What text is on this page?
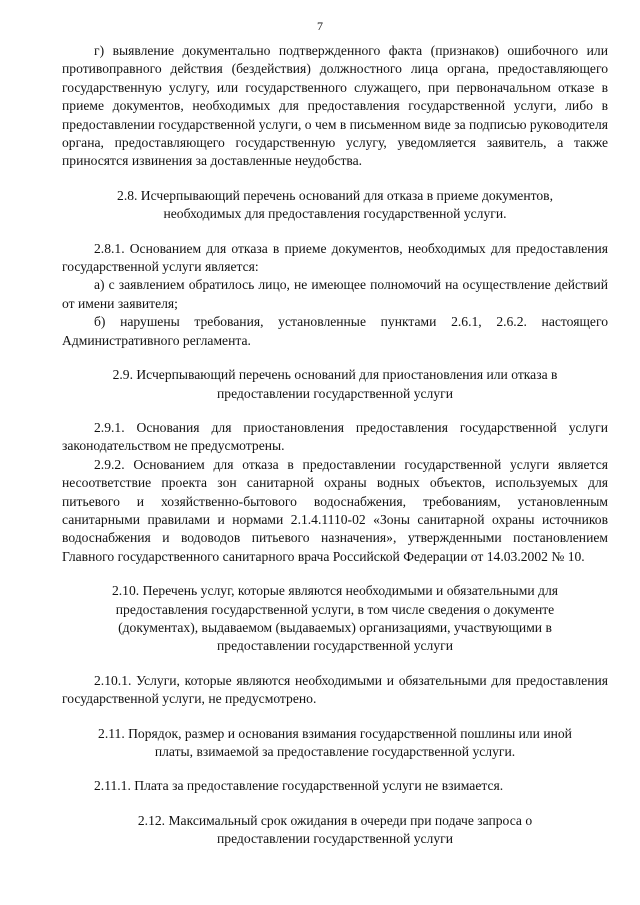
7

г) выявление документально подтвержденного факта (признаков) ошибочного или противоправного действия (бездействия) должностного лица органа, предоставляющего государственную услугу, или государственного служащего, при первоначальном отказе в приеме документов, необходимых для предоставления государственной услуги, либо в предоставлении государственной услуги, о чем в письменном виде за подписью руководителя органа, предоставляющего государственную услугу, уведомляется заявитель, а также приносятся извинения за доставленные неудобства.

2.8. Исчерпывающий перечень оснований для отказа в приеме документов, необходимых для предоставления государственной услуги.

2.8.1. Основанием для отказа в приеме документов, необходимых для предоставления государственной услуги является:

а) с заявлением обратилось лицо, не имеющее полномочий на осуществление действий от имени заявителя;

б) нарушены требования, установленные пунктами 2.6.1, 2.6.2. настоящего Административного регламента.

2.9. Исчерпывающий перечень оснований для приостановления или отказа в предоставлении государственной услуги

2.9.1. Основания для приостановления предоставления государственной услуги законодательством не предусмотрены.

2.9.2. Основанием для отказа в предоставлении государственной услуги является несоответствие проекта зон санитарной охраны водных объектов, используемых для питьевого и хозяйственно-бытового водоснабжения, требованиям, установленным санитарными правилами и нормами 2.1.4.1110-02 «Зоны санитарной охраны источников водоснабжения и водоводов питьевого назначения», утвержденными постановлением Главного государственного санитарного врача Российской Федерации от 14.03.2002 № 10.

2.10. Перечень услуг, которые являются необходимыми и обязательными для предоставления государственной услуги, в том числе сведения о документе (документах), выдаваемом (выдаваемых) организациями, участвующими в предоставлении государственной услуги

2.10.1. Услуги, которые являются необходимыми и обязательными для предоставления государственной услуги, не предусмотрено.

2.11. Порядок, размер и основания взимания государственной пошлины или иной платы, взимаемой за предоставление государственной услуги.

2.11.1. Плата за предоставление государственной услуги не взимается.

2.12. Максимальный срок ожидания в очереди при подаче запроса о предоставлении государственной услуги
